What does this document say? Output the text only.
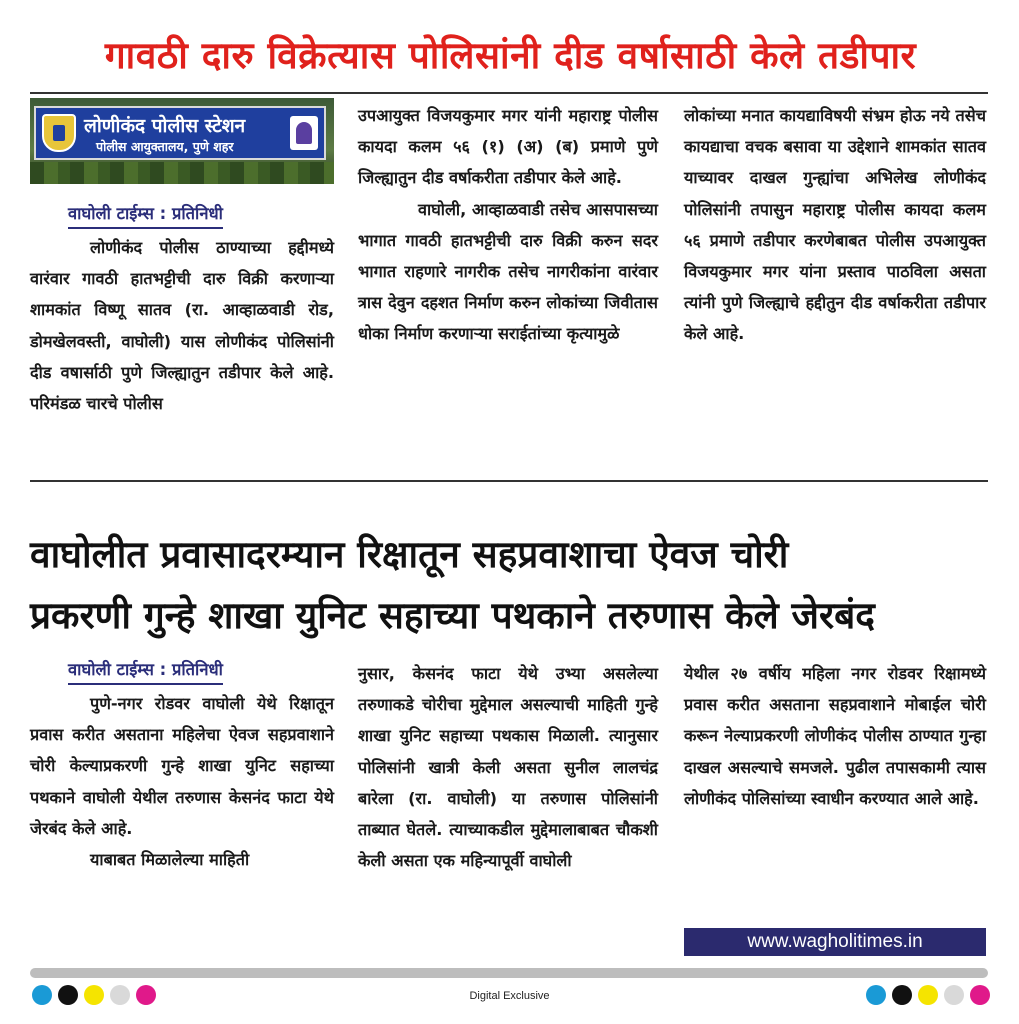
गावठी दारु विक्रेत्यास पोलिसांनी दीड वर्षासाठी केले तडीपार
लोणीकंद पोलीस स्टेशन
पोलीस आयुक्तालय, पुणे शहर
वाघोली टाईम्स : प्रतिनिधी

लोणीकंद पोलीस ठाण्याच्या हद्दीमध्ये वारंवार गावठी हातभट्टीची दारु विक्री करणाऱ्या शामकांत विष्णू सातव (रा. आव्हाळवाडी रोड, डोमखेलवस्ती, वाघोली) यास लोणीकंद पोलिसांनी दीड वषार्साठी पुणे जिल्ह्यातुन तडीपार केले आहे. परिमंडळ चारचे पोलीस

उपआयुक्त विजयकुमार मगर यांनी महाराष्ट्र पोलीस कायदा कलम ५६ (१) (अ) (ब) प्रमाणे पुणे जिल्ह्यातुन दीड वर्षाकरीता तडीपार केले आहे.

वाघोली, आव्हाळवाडी तसेच आसपासच्या भागात गावठी हातभट्टीची दारु विक्री करुन सदर भागात राहणारे नागरीक तसेच नागरीकांना वारंवार त्रास देवुन दहशत निर्माण करुन लोकांच्या जिवीतास धोका निर्माण करणाऱ्या सराईतांच्या कृत्यामुळे

लोकांच्या मनात कायद्याविषयी संभ्रम होऊ नये तसेच कायद्याचा वचक बसावा या उद्देशाने शामकांत सातव याच्यावर दाखल गुन्ह्यांचा अभिलेख लोणीकंद पोलिसांनी तपासुन महाराष्ट्र पोलीस कायदा कलम ५६ प्रमाणे तडीपार करणेबाबत पोलीस उपआयुक्त विजयकुमार मगर यांना प्रस्ताव पाठविला असता त्यांनी पुणे जिल्ह्याचे हद्दीतुन दीड वर्षाकरीता तडीपार केले आहे.

वाघोलीत प्रवासादरम्यान रिक्षातून सहप्रवाशाचा ऐवज चोरी
प्रकरणी गुन्हे शाखा युनिट सहाच्या पथकाने तरुणास केले जेरबंद
वाघोली टाईम्स : प्रतिनिधी

पुणे-नगर रोडवर वाघोली येथे रिक्षातून प्रवास करीत असताना महिलेचा ऐवज सहप्रवाशाने चोरी केल्याप्रकरणी गुन्हे शाखा युनिट सहाच्या पथकाने वाघोली येथील तरुणास केसनंद फाटा येथे जेरबंद केले आहे.

याबाबत मिळालेल्या माहिती

नुसार, केसनंद फाटा येथे उभ्या असलेल्या तरुणाकडे चोरीचा मुद्देमाल असल्याची माहिती गुन्हे शाखा युनिट सहाच्या पथकास मिळाली. त्यानुसार पोलिसांनी खात्री केली असता सुनील लालचंद्र बारेला (रा. वाघोली) या तरुणास पोलिसांनी ताब्यात घेतले. त्याच्याकडील मुद्देमालाबाबत चौकशी केली असता एक महिन्यापूर्वी वाघोली

येथील २७ वर्षीय महिला नगर रोडवर रिक्षामध्ये प्रवास करीत असताना सहप्रवाशाने मोबाईल चोरी करून नेल्याप्रकरणी लोणीकंद पोलीस ठाण्यात गुन्हा दाखल असल्याचे समजले. पुढील तपासकामी त्यास लोणीकंद पोलिसांच्या स्वाधीन करण्यात आले आहे.

www.wagholitimes.in
Digital Exclusive
